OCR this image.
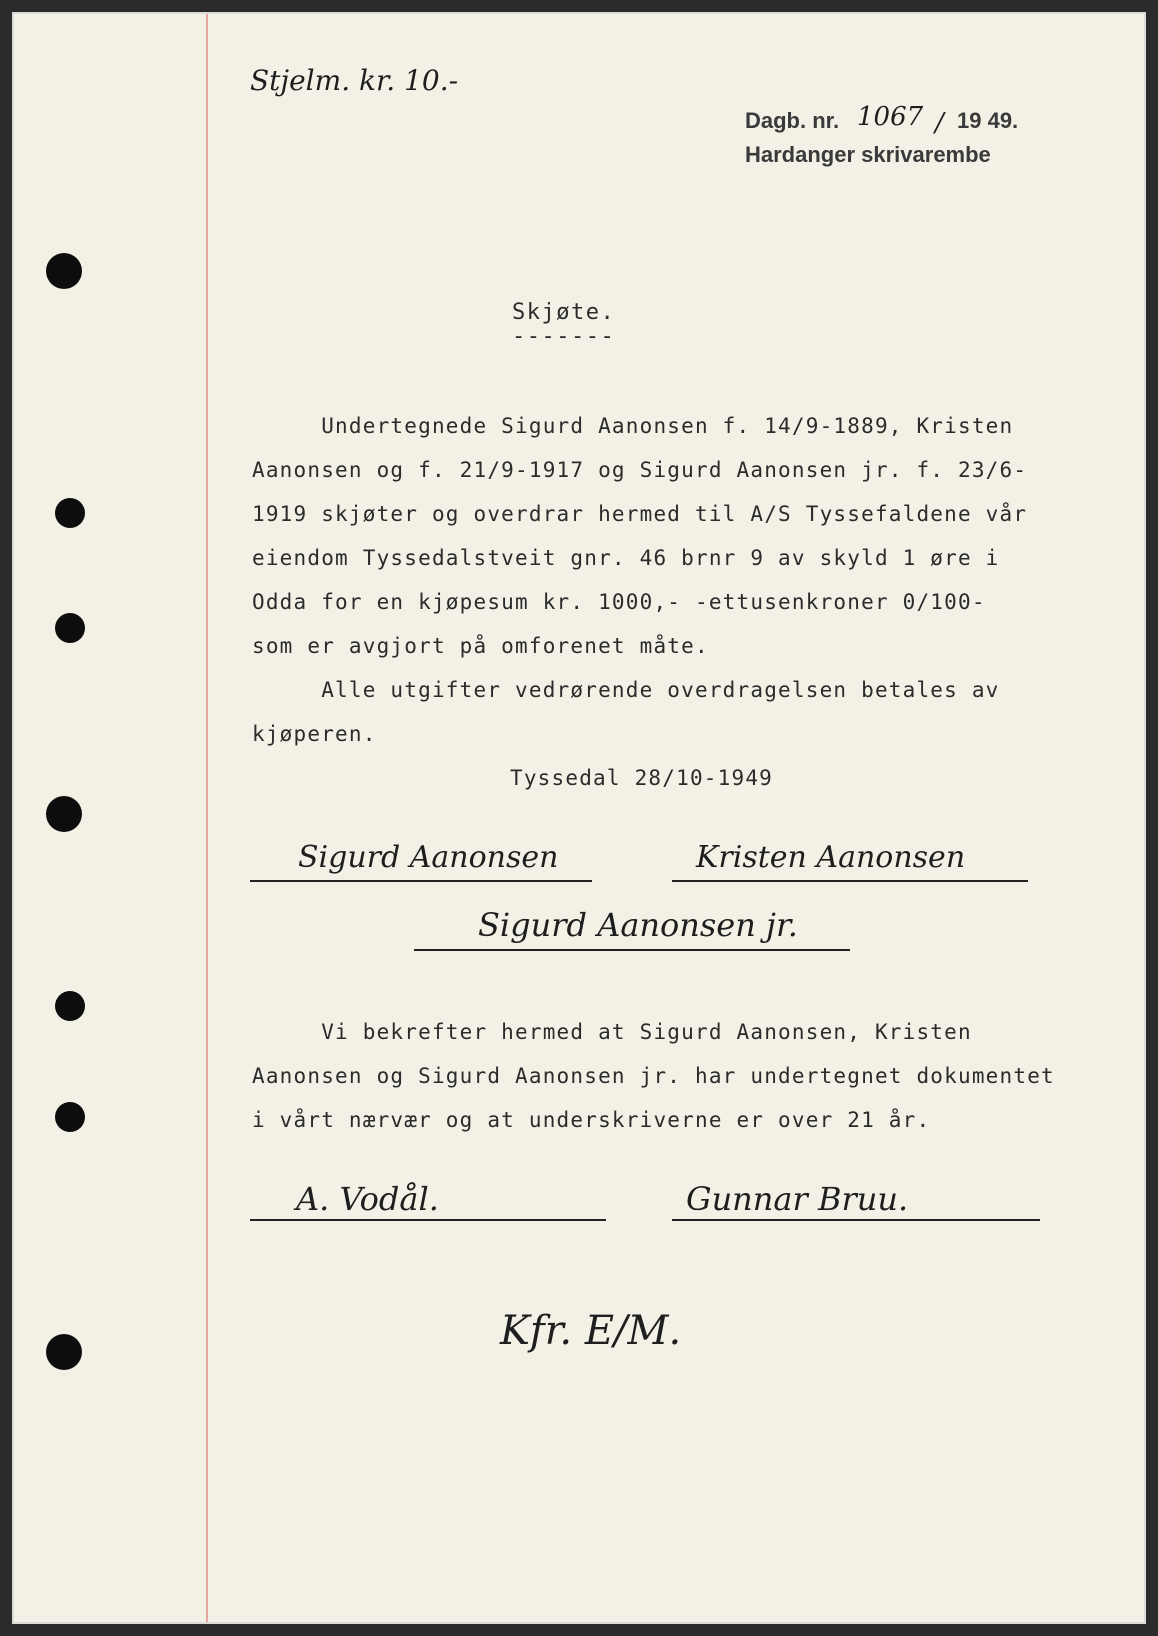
Stjelm. kr. 10.-
Dagb. nr. 1067 / 19 49.
Hardanger skrivarembe
Skjøte.
-------
Undertegnede Sigurd Aanonsen f. 14/9-1889, Kristen
Aanonsen og f. 21/9-1917 og Sigurd Aanonsen jr. f. 23/6-
1919 skjøter og overdrar hermed til A/S Tyssefaldene vår
eiendom Tyssedalstveit gnr. 46 brnr 9 av skyld 1 øre i
Odda for en kjøpesum kr. 1000,- -ettusenkroner 0/100-
som er avgjort på omforenet måte.
Alle utgifter vedrørende overdragelsen betales av
kjøperen.
Tyssedal 28/10-1949
Sigurd Aanonsen	Kristen Aanonsen
Sigurd Aanonsen jr.
Vi bekrefter hermed at Sigurd Aanonsen, Kristen
Aanonsen og Sigurd Aanonsen jr. har undertegnet dokumentet
i vårt nærvær og at underskriverne er over 21 år.
A. Vodål.	Gunnar Bruu.
Kfr. E/M.
